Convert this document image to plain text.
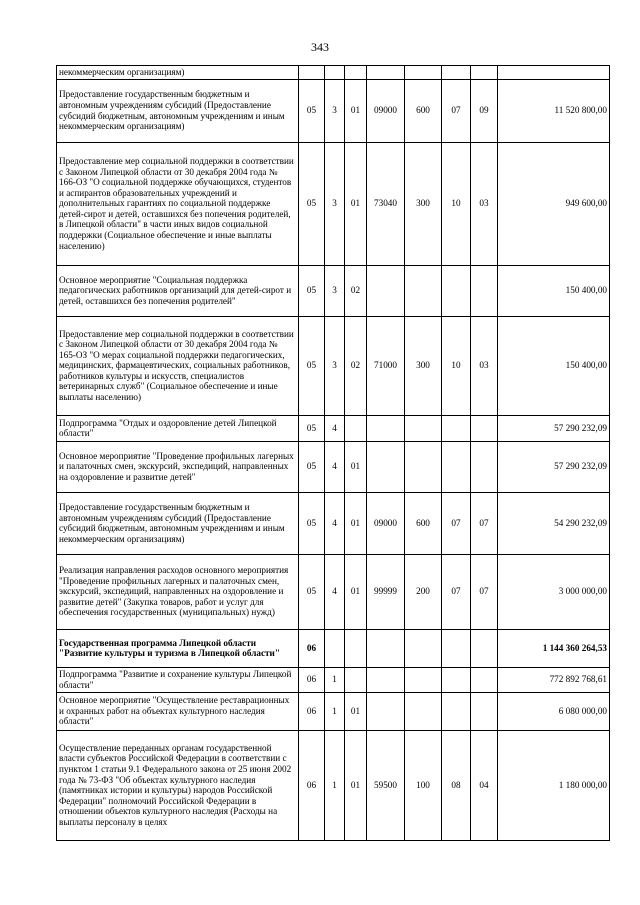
343
некоммерческим организациям)								
Предоставление государственным бюджетным и автономным учреждениям субсидий (Предоставление субсидий бюджетным, автономным учреждениям и иным некоммерческим организациям)	05	3	01	09000	600	07	09	11 520 800,00
Предоставление мер социальной поддержки в соответствии с Законом Липецкой области от 30 декабря 2004 года № 166-ОЗ "О социальной поддержке обучающихся, студентов и аспирантов образовательных учреждений и дополнительных гарантиях по социальной поддержке детей-сирот и детей, оставшихся без попечения родителей, в Липецкой области" в части иных видов социальной поддержки (Социальное обеспечение и иные выплаты населению)	05	3	01	73040	300	10	03	949 600,00
Основное мероприятие "Социальная поддержка педагогических работников организаций для детей-сирот и детей, оставшихся без попечения родителей"	05	3	02					150 400,00
Предоставление мер социальной поддержки в соответствии с Законом Липецкой области от 30 декабря 2004 года № 165-ОЗ "О мерах социальной поддержки педагогических, медицинских, фармацевтических, социальных работников, работников культуры и искусств, специалистов ветеринарных служб" (Социальное обеспечение и иные выплаты населению)	05	3	02	71000	300	10	03	150 400,00
Подпрограмма "Отдых и оздоровление детей Липецкой области"	05	4						57 290 232,09
Основное мероприятие "Проведение профильных лагерных и палаточных смен, экскурсий, экспедиций, направленных на оздоровление и развитие детей"	05	4	01					57 290 232,09
Предоставление государственным бюджетным и автономным учреждениям субсидий (Предоставление субсидий бюджетным, автономным учреждениям и иным некоммерческим организациям)	05	4	01	09000	600	07	07	54 290 232,09
Реализация направления расходов основного мероприятия "Проведение профильных лагерных и палаточных смен, экскурсий, экспедиций, направленных на оздоровление и развитие детей" (Закупка товаров, работ и услуг для обеспечения государственных (муниципальных) нужд)	05	4	01	99999	200	07	07	3 000 000,00
Государственная программа Липецкой области "Развитие культуры и туризма в Липецкой области"	06							1 144 360 264,53
Подпрограмма "Развитие и сохранение культуры Липецкой области"	06	1						772 892 768,61
Основное мероприятие "Осуществление реставрационных и охранных работ на объектах культурного наследия области"	06	1	01					6 080 000,00
Осуществление переданных органам государственной власти субъектов Российской Федерации в соответствии с пунктом 1 статьи 9.1 Федерального закона от 25 июня 2002 года № 73-ФЗ "Об объектах культурного наследия (памятниках истории и культуры) народов Российской Федерации" полномочий Российской Федерации в отношении объектов культурного наследия (Расходы на выплаты персоналу в целях	06	1	01	59500	100	08	04	1 180 000,00
